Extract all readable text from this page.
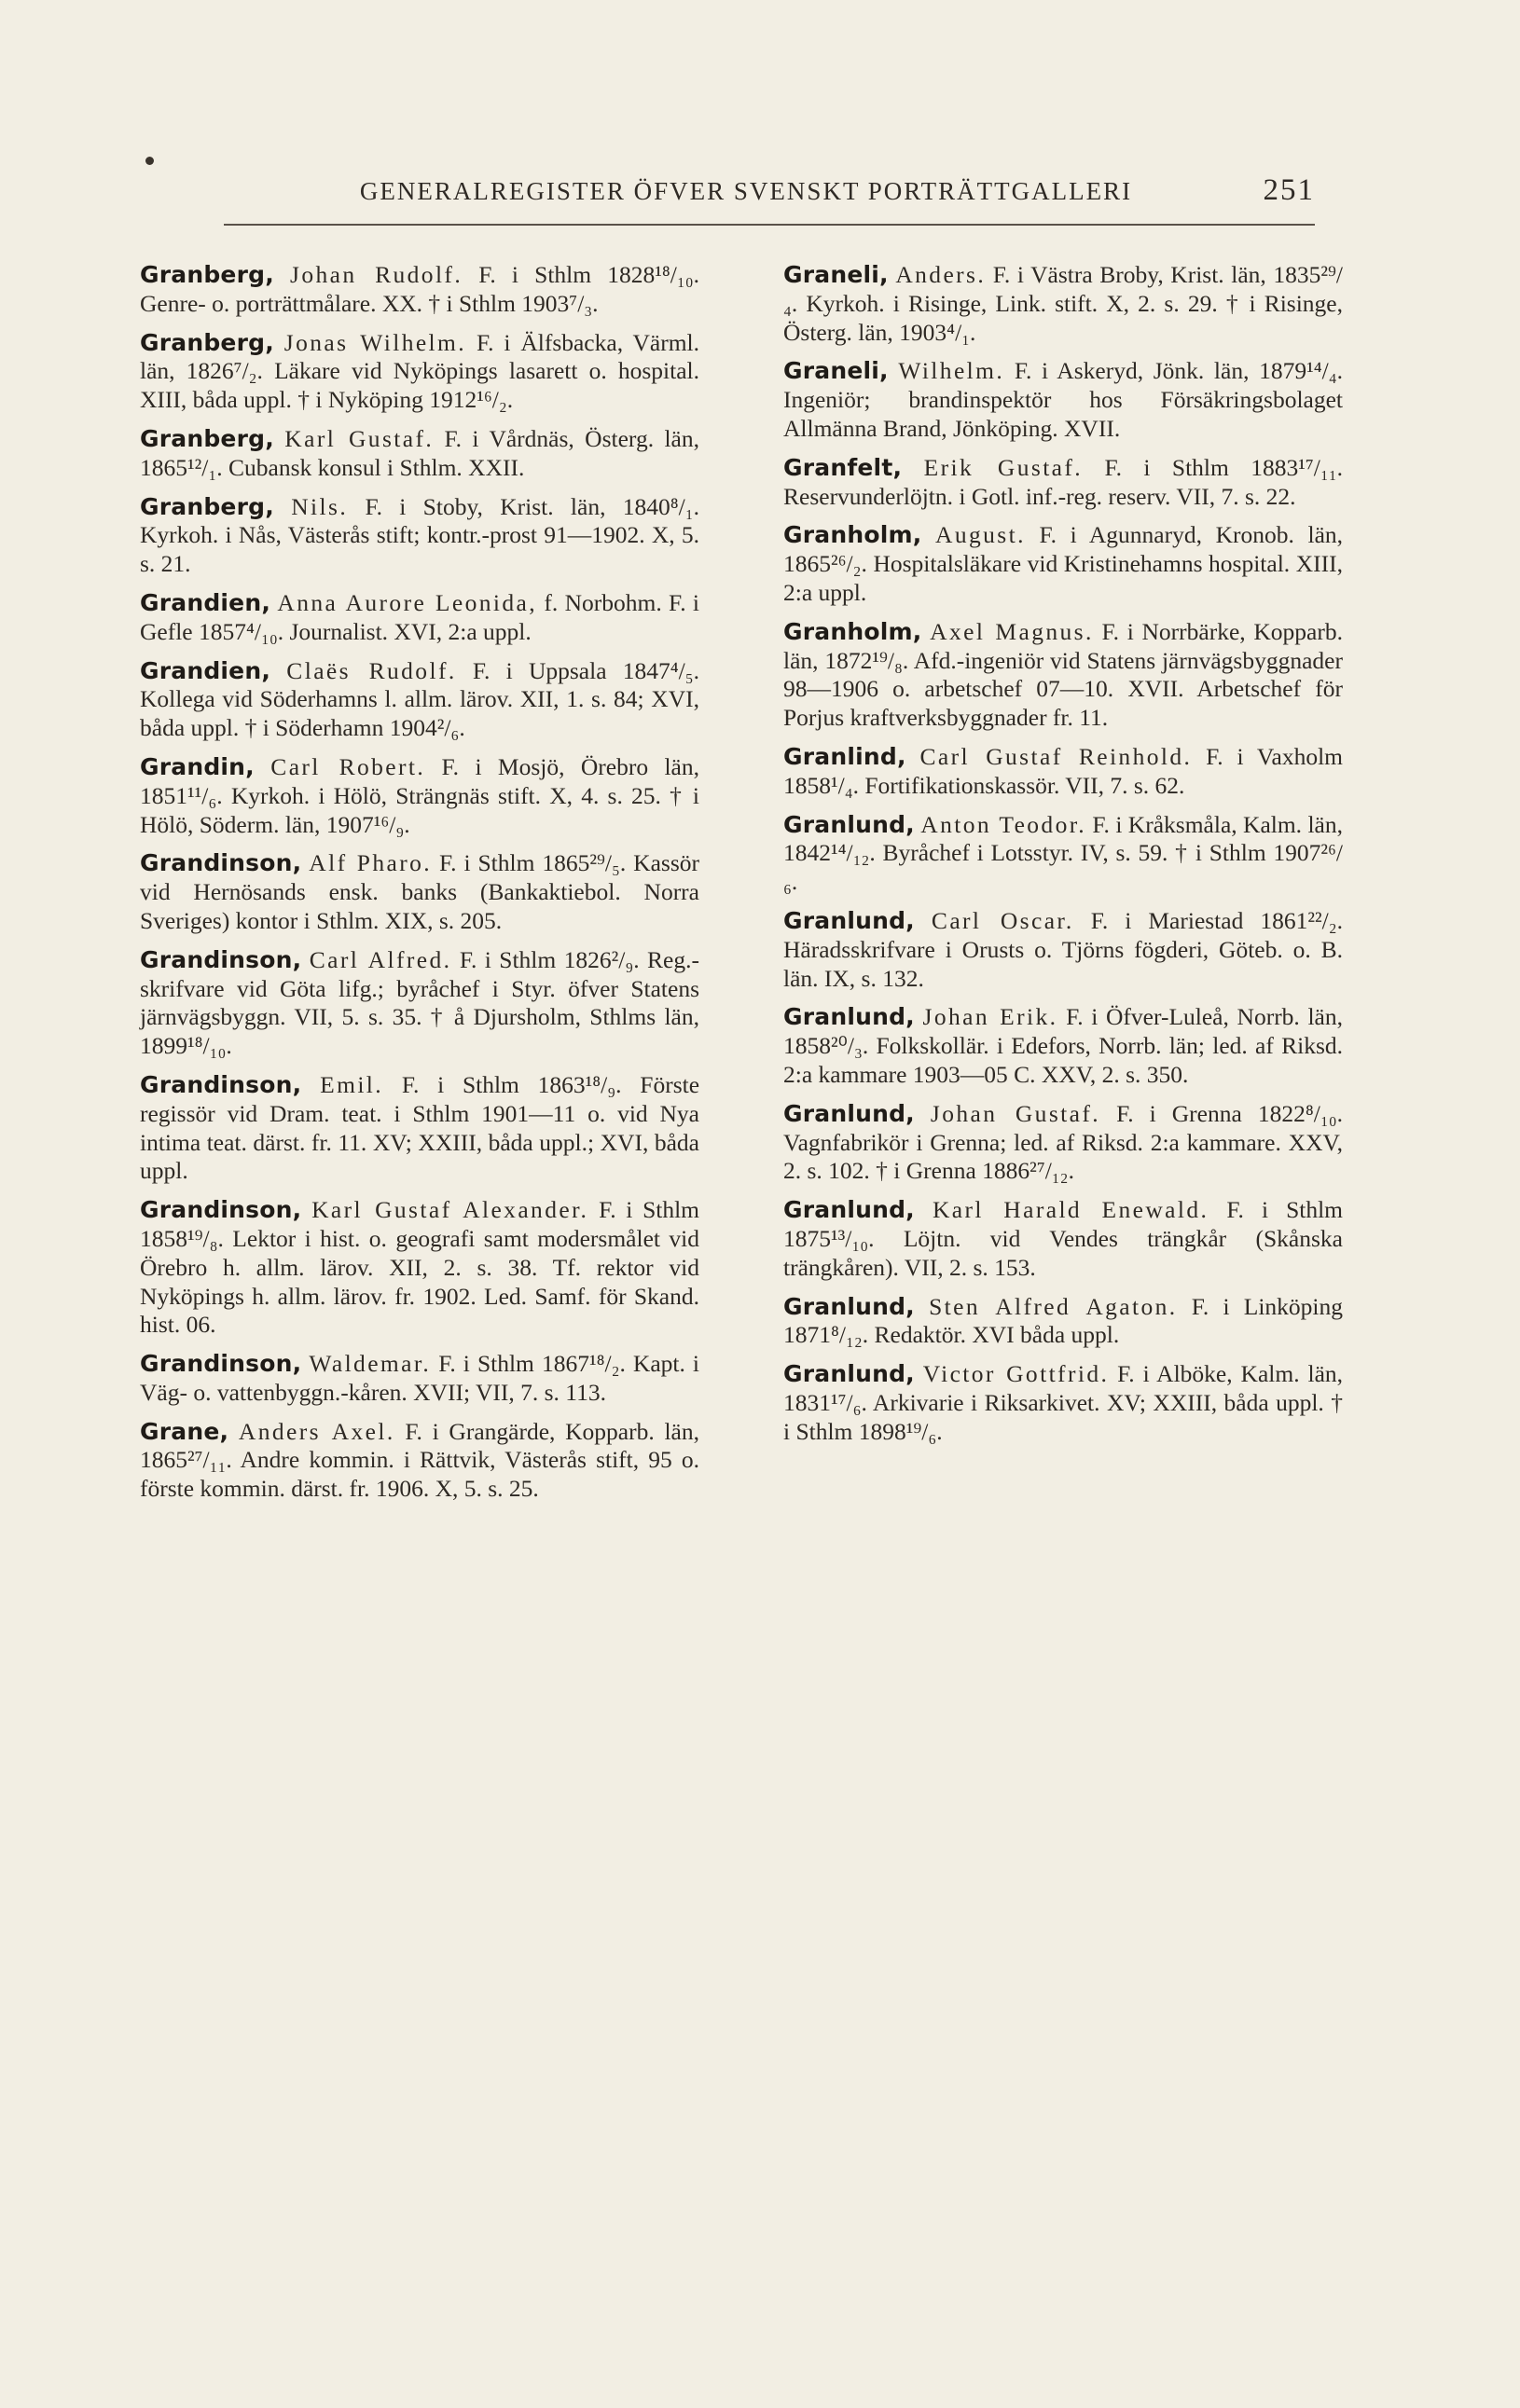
GENERALREGISTER ÖFVER SVENSKT PORTRÄTTGALLERI	251

Granberg, Johan Rudolf. F. i Sthlm 1828¹⁸/₁₀. Genre- o. porträttmålare. XX. † i Sthlm 1903⁷/₃.

Granberg, Jonas Wilhelm. F. i Älfsbacka, Värml. län, 1826⁷/₂. Läkare vid Nyköpings lasarett o. hospital. XIII, båda uppl. † i Nyköping 1912¹⁶/₂.

Granberg, Karl Gustaf. F. i Vårdnäs, Österg. län, 1865¹²/₁. Cubansk konsul i Sthlm. XXII.

Granberg, Nils. F. i Stoby, Krist. län, 1840⁸/₁. Kyrkoh. i Nås, Västerås stift; kontr.-prost 91—1902. X, 5. s. 21.

Grandien, Anna Aurore Leonida, f. Norbohm. F. i Gefle 1857⁴/₁₀. Journalist. XVI, 2:a uppl.

Grandien, Claës Rudolf. F. i Uppsala 1847⁴/₅. Kollega vid Söderhamns l. allm. lärov. XII, 1. s. 84; XVI, båda uppl. † i Söderhamn 1904²/₆.

Grandin, Carl Robert. F. i Mosjö, Örebro län, 1851¹¹/₆. Kyrkoh. i Hölö, Strängnäs stift. X, 4. s. 25. † i Hölö, Söderm. län, 1907¹⁶/₉.

Grandinson, Alf Pharo. F. i Sthlm 1865²⁹/₅. Kassör vid Hernösands ensk. banks (Bankaktiebol. Norra Sveriges) kontor i Sthlm. XIX, s. 205.

Grandinson, Carl Alfred. F. i Sthlm 1826²/₉. Reg.-skrifvare vid Göta lifg.; byråchef i Styr. öfver Statens järnvägsbyggn. VII, 5. s. 35. † å Djursholm, Sthlms län, 1899¹⁸/₁₀.

Grandinson, Emil. F. i Sthlm 1863¹⁸/₉. Förste regissör vid Dram. teat. i Sthlm 1901—11 o. vid Nya intima teat. därst. fr. 11. XV; XXIII, båda uppl.; XVI, båda uppl.

Grandinson, Karl Gustaf Alexander. F. i Sthlm 1858¹⁹/₈. Lektor i hist. o. geografi samt modersmålet vid Örebro h. allm. lärov. XII, 2. s. 38. Tf. rektor vid Nyköpings h. allm. lärov. fr. 1902. Led. Samf. för Skand. hist. 06.

Grandinson, Waldemar. F. i Sthlm 1867¹⁸/₂. Kapt. i Väg- o. vattenbyggn.-kåren. XVII; VII, 7. s. 113.

Grane, Anders Axel. F. i Grangärde, Kopparb. län, 1865²⁷/₁₁. Andre kommin. i Rättvik, Västerås stift, 95 o. förste kommin. därst. fr. 1906. X, 5. s. 25.

Graneli, Anders. F. i Västra Broby, Krist. län, 1835²⁹/₄. Kyrkoh. i Risinge, Link. stift. X, 2. s. 29. † i Risinge, Österg. län, 1903⁴/₁.

Graneli, Wilhelm. F. i Askeryd, Jönk. län, 1879¹⁴/₄. Ingeniör; brandinspektör hos Försäkringsbolaget Allmänna Brand, Jönköping. XVII.

Granfelt, Erik Gustaf. F. i Sthlm 1883¹⁷/₁₁. Reservunderlöjtn. i Gotl. inf.-reg. reserv. VII, 7. s. 22.

Granholm, August. F. i Agunnaryd, Kronob. län, 1865²⁶/₂. Hospitalsläkare vid Kristinehamns hospital. XIII, 2:a uppl.

Granholm, Axel Magnus. F. i Norrbärke, Kopparb. län, 1872¹⁹/₈. Afd.-ingeniör vid Statens järnvägsbyggnader 98—1906 o. arbetschef 07—10. XVII. Arbetschef för Porjus kraftverksbyggnader fr. 11.

Granlind, Carl Gustaf Reinhold. F. i Vaxholm 1858¹/₄. Fortifikationskassör. VII, 7. s. 62.

Granlund, Anton Teodor. F. i Kråksmåla, Kalm. län, 1842¹⁴/₁₂. Byråchef i Lotsstyr. IV, s. 59. † i Sthlm 1907²⁶/₆.

Granlund, Carl Oscar. F. i Mariestad 1861²²/₂. Häradsskrifvare i Orusts o. Tjörns fögderi, Göteb. o. B. län. IX, s. 132.

Granlund, Johan Erik. F. i Öfver-Luleå, Norrb. län, 1858²⁰/₃. Folkskollär. i Edefors, Norrb. län; led. af Riksd. 2:a kammare 1903—05 C. XXV, 2. s. 350.

Granlund, Johan Gustaf. F. i Grenna 1822⁸/₁₀. Vagnfabrikör i Grenna; led. af Riksd. 2:a kammare. XXV, 2. s. 102. † i Grenna 1886²⁷/₁₂.

Granlund, Karl Harald Enewald. F. i Sthlm 1875¹³/₁₀. Löjtn. vid Vendes trängkår (Skånska trängkåren). VII, 2. s. 153.

Granlund, Sten Alfred Agaton. F. i Linköping 1871⁸/₁₂. Redaktör. XVI båda uppl.

Granlund, Victor Gottfrid. F. i Alböke, Kalm. län, 1831¹⁷/₆. Arkivarie i Riksarkivet. XV; XXIII, båda uppl. † i Sthlm 1898¹⁹/₆.
